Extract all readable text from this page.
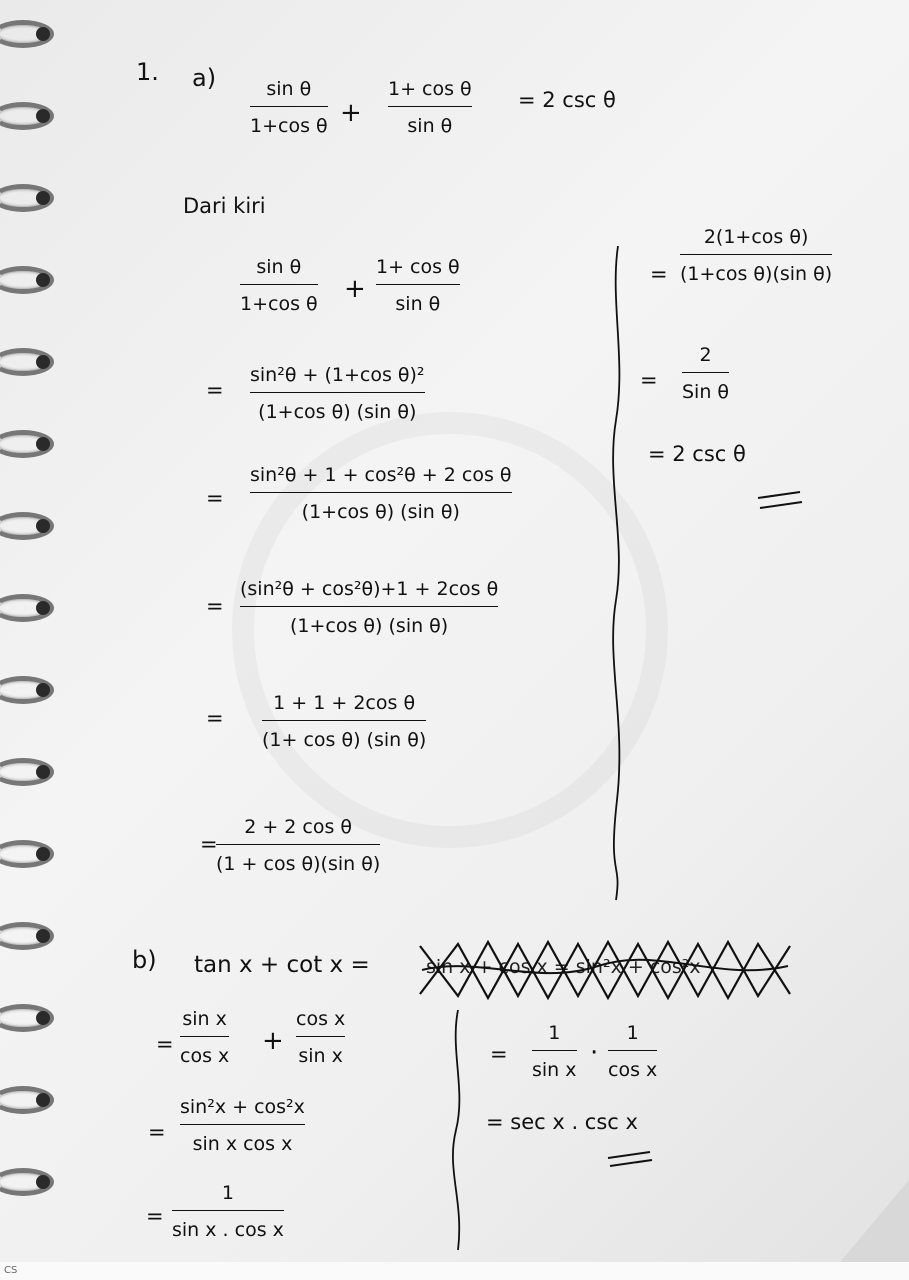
1. a)	sin θ
1+cos θ +
1+ cos θ
sin θ
= 2 csc θ
Dari kiri
sin θ
1+cos θ +
1+ cos θ
sin θ
=
sin²θ + (1+cos θ)²
(1+cos θ) (sin θ)
=
sin²θ + 1 + cos²θ + 2 cos θ
(1+cos θ) (sin θ)
=
(sin²θ + cos²θ)+1 + 2cos θ
(1+cos θ) (sin θ)
=
1 + 1 + 2cos θ
(1+ cos θ) (sin θ)
=
2 + 2 cos θ
(1 + cos θ)(sin θ)
=
2(1+cos θ)
(1+cos θ)(sin θ)
=
2
Sin θ
= 2 csc θ
b) tan x + cot x =	sin x + cos x = sin²x + cos²x
=
sin x
cos x +
cos x
sin x
=
sin²x + cos²x
sin x cos x
=
1
sin x . cos x
=
1
sin x
·
1
cos x
= sec x . csc x
CS
